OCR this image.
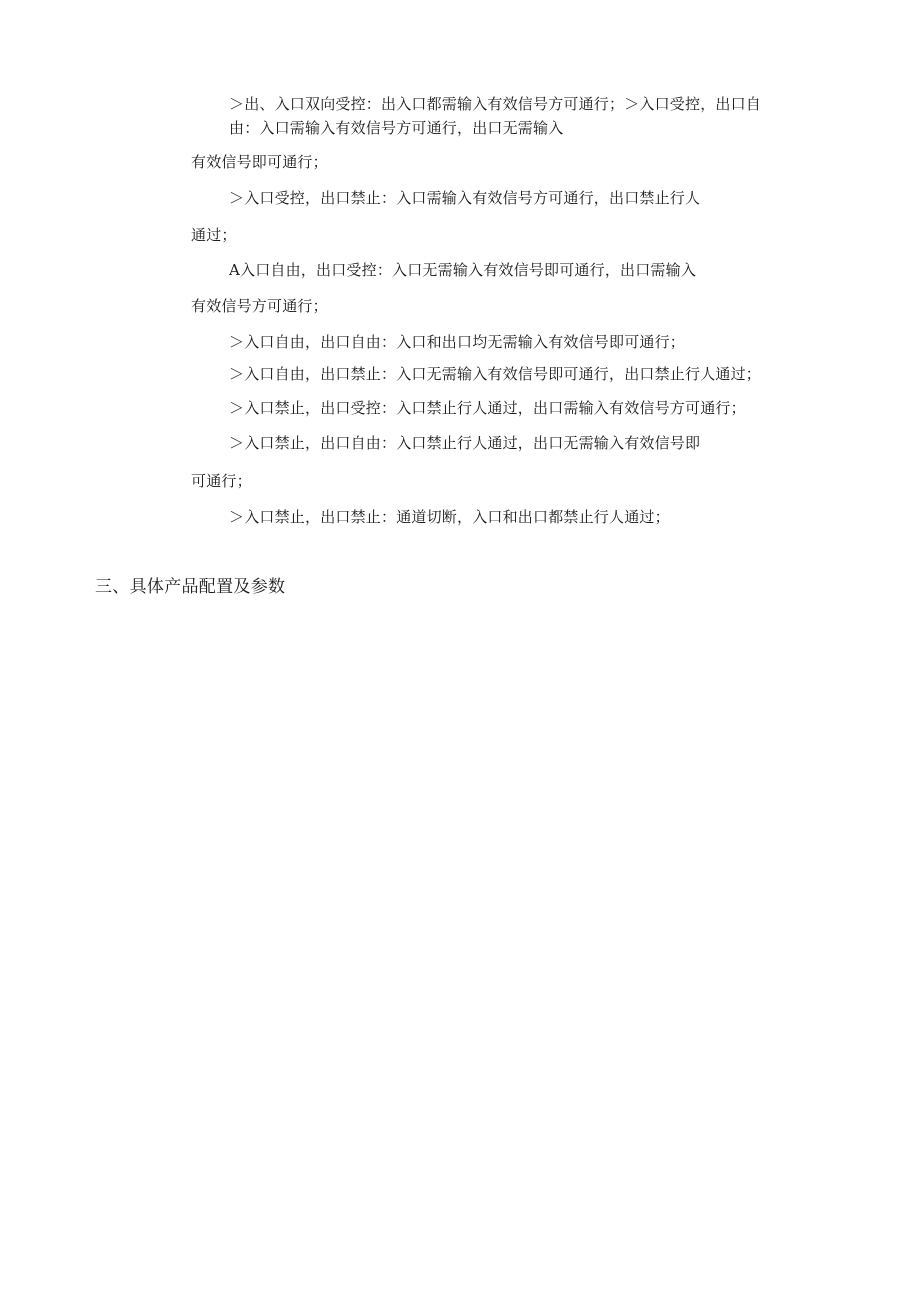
＞出、入口双向受控：出入口都需输入有效信号方可通行；＞入口受控，出口自
由：入口需输入有效信号方可通行，出口无需输入
有效信号即可通行；
＞入口受控，出口禁止：入口需输入有效信号方可通行，出口禁止行人
通过；
A入口自由，出口受控：入口无需输入有效信号即可通行，出口需输入
有效信号方可通行；
＞入口自由，出口自由：入口和出口均无需输入有效信号即可通行；
＞入口自由，出口禁止：入口无需输入有效信号即可通行，出口禁止行人通过；
＞入口禁止，出口受控：入口禁止行人通过，出口需输入有效信号方可通行；
＞入口禁止，出口自由：入口禁止行人通过，出口无需输入有效信号即
可通行；
＞入口禁止，出口禁止：通道切断，入口和出口都禁止行人通过；
三、具体产品配置及参数
